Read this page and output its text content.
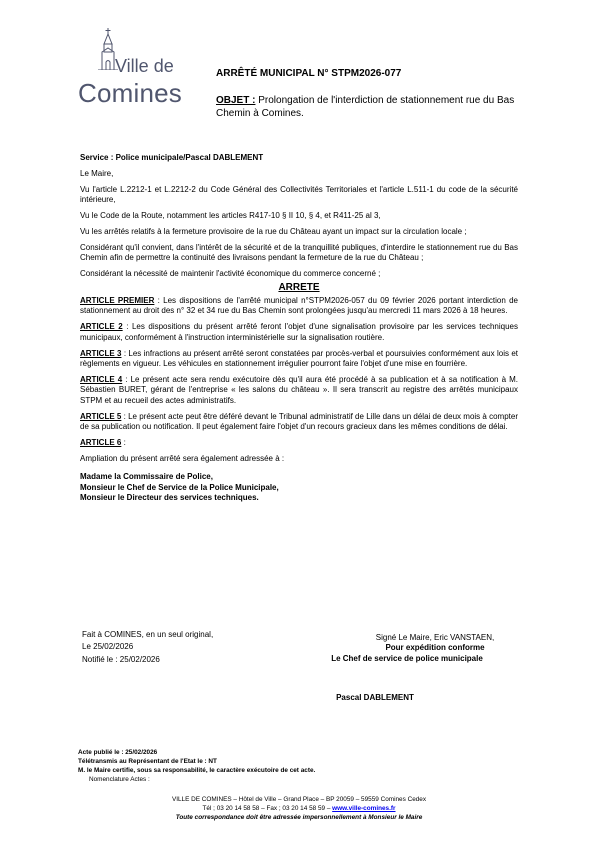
Ville de
Comines
ARRÊTÉ MUNICIPAL N° STPM2026-077
OBJET : Prolongation de l'interdiction de stationnement rue du Bas Chemin à Comines.

Service : Police municipale/Pascal DABLEMENT

Le Maire,

Vu l'article L.2212-1 et L.2212-2 du Code Général des Collectivités Territoriales et l'article L.511-1 du code de la sécurité intérieure,

Vu le Code de la Route, notamment les articles R417-10 § II 10, § 4, et R411-25 al 3,

Vu les arrêtés relatifs à la fermeture provisoire de la rue du Château ayant un impact sur la circulation locale ;

Considérant qu'il convient, dans l'intérêt de la sécurité et de la tranquillité publiques, d'interdire le stationnement rue du Bas Chemin afin de permettre la continuité des livraisons pendant la fermeture de la rue du Château ;

Considérant la nécessité de maintenir l'activité économique du commerce concerné ;

ARRETE

ARTICLE PREMIER : Les dispositions de l'arrêté municipal n°STPM2026-057 du 09 février 2026 portant interdiction de stationnement au droit des n° 32 et 34 rue du Bas Chemin sont prolongées jusqu'au mercredi 11 mars 2026 à 18 heures.

ARTICLE 2 : Les dispositions du présent arrêté feront l'objet d'une signalisation provisoire par les services techniques municipaux, conformément à l'instruction interministérielle sur la signalisation routière.

ARTICLE 3 : Les infractions au présent arrêté seront constatées par procès-verbal et poursuivies conformément aux lois et règlements en vigueur. Les véhicules en stationnement irrégulier pourront faire l'objet d'une mise en fourrière.

ARTICLE 4 : Le présent acte sera rendu exécutoire dès qu'il aura été procédé à sa publication et à sa notification à M. Sébastien BURET, gérant de l'entreprise « les salons du château ». Il sera transcrit au registre des arrêtés municipaux STPM et au recueil des actes administratifs.

ARTICLE 5 : Le présent acte peut être déféré devant le Tribunal administratif de Lille dans un délai de deux mois à compter de sa publication ou notification. Il peut également faire l'objet d'un recours gracieux dans les mêmes conditions de délai.

ARTICLE 6 :

Ampliation du présent arrêté sera également adressée à :

Madame la Commissaire de Police,

Monsieur le Chef de Service de la Police Municipale,

Monsieur le Directeur des services techniques.

Fait à COMINES, en un seul original,

Le 25/02/2026

Notifié le : 25/02/2026

Signé Le Maire, Eric VANSTAEN,

Pour expédition conforme

Le Chef de service de police municipale

Pascal DABLEMENT

Acte publié le : 25/02/2026
Télétransmis au Représentant de l'Etat le : NT
M. le Maire certifie, sous sa responsabilité, le caractère exécutoire de cet acte.
Nomenclature Actes :
VILLE DE COMINES – Hôtel de Ville – Grand Place – BP 20059 – 59559 Comines Cedex
Tél ; 03 20 14 58 58 – Fax ; 03 20 14 58 59 – www.ville-comines.fr
Toute correspondance doit être adressée impersonnellement à Monsieur le Maire
